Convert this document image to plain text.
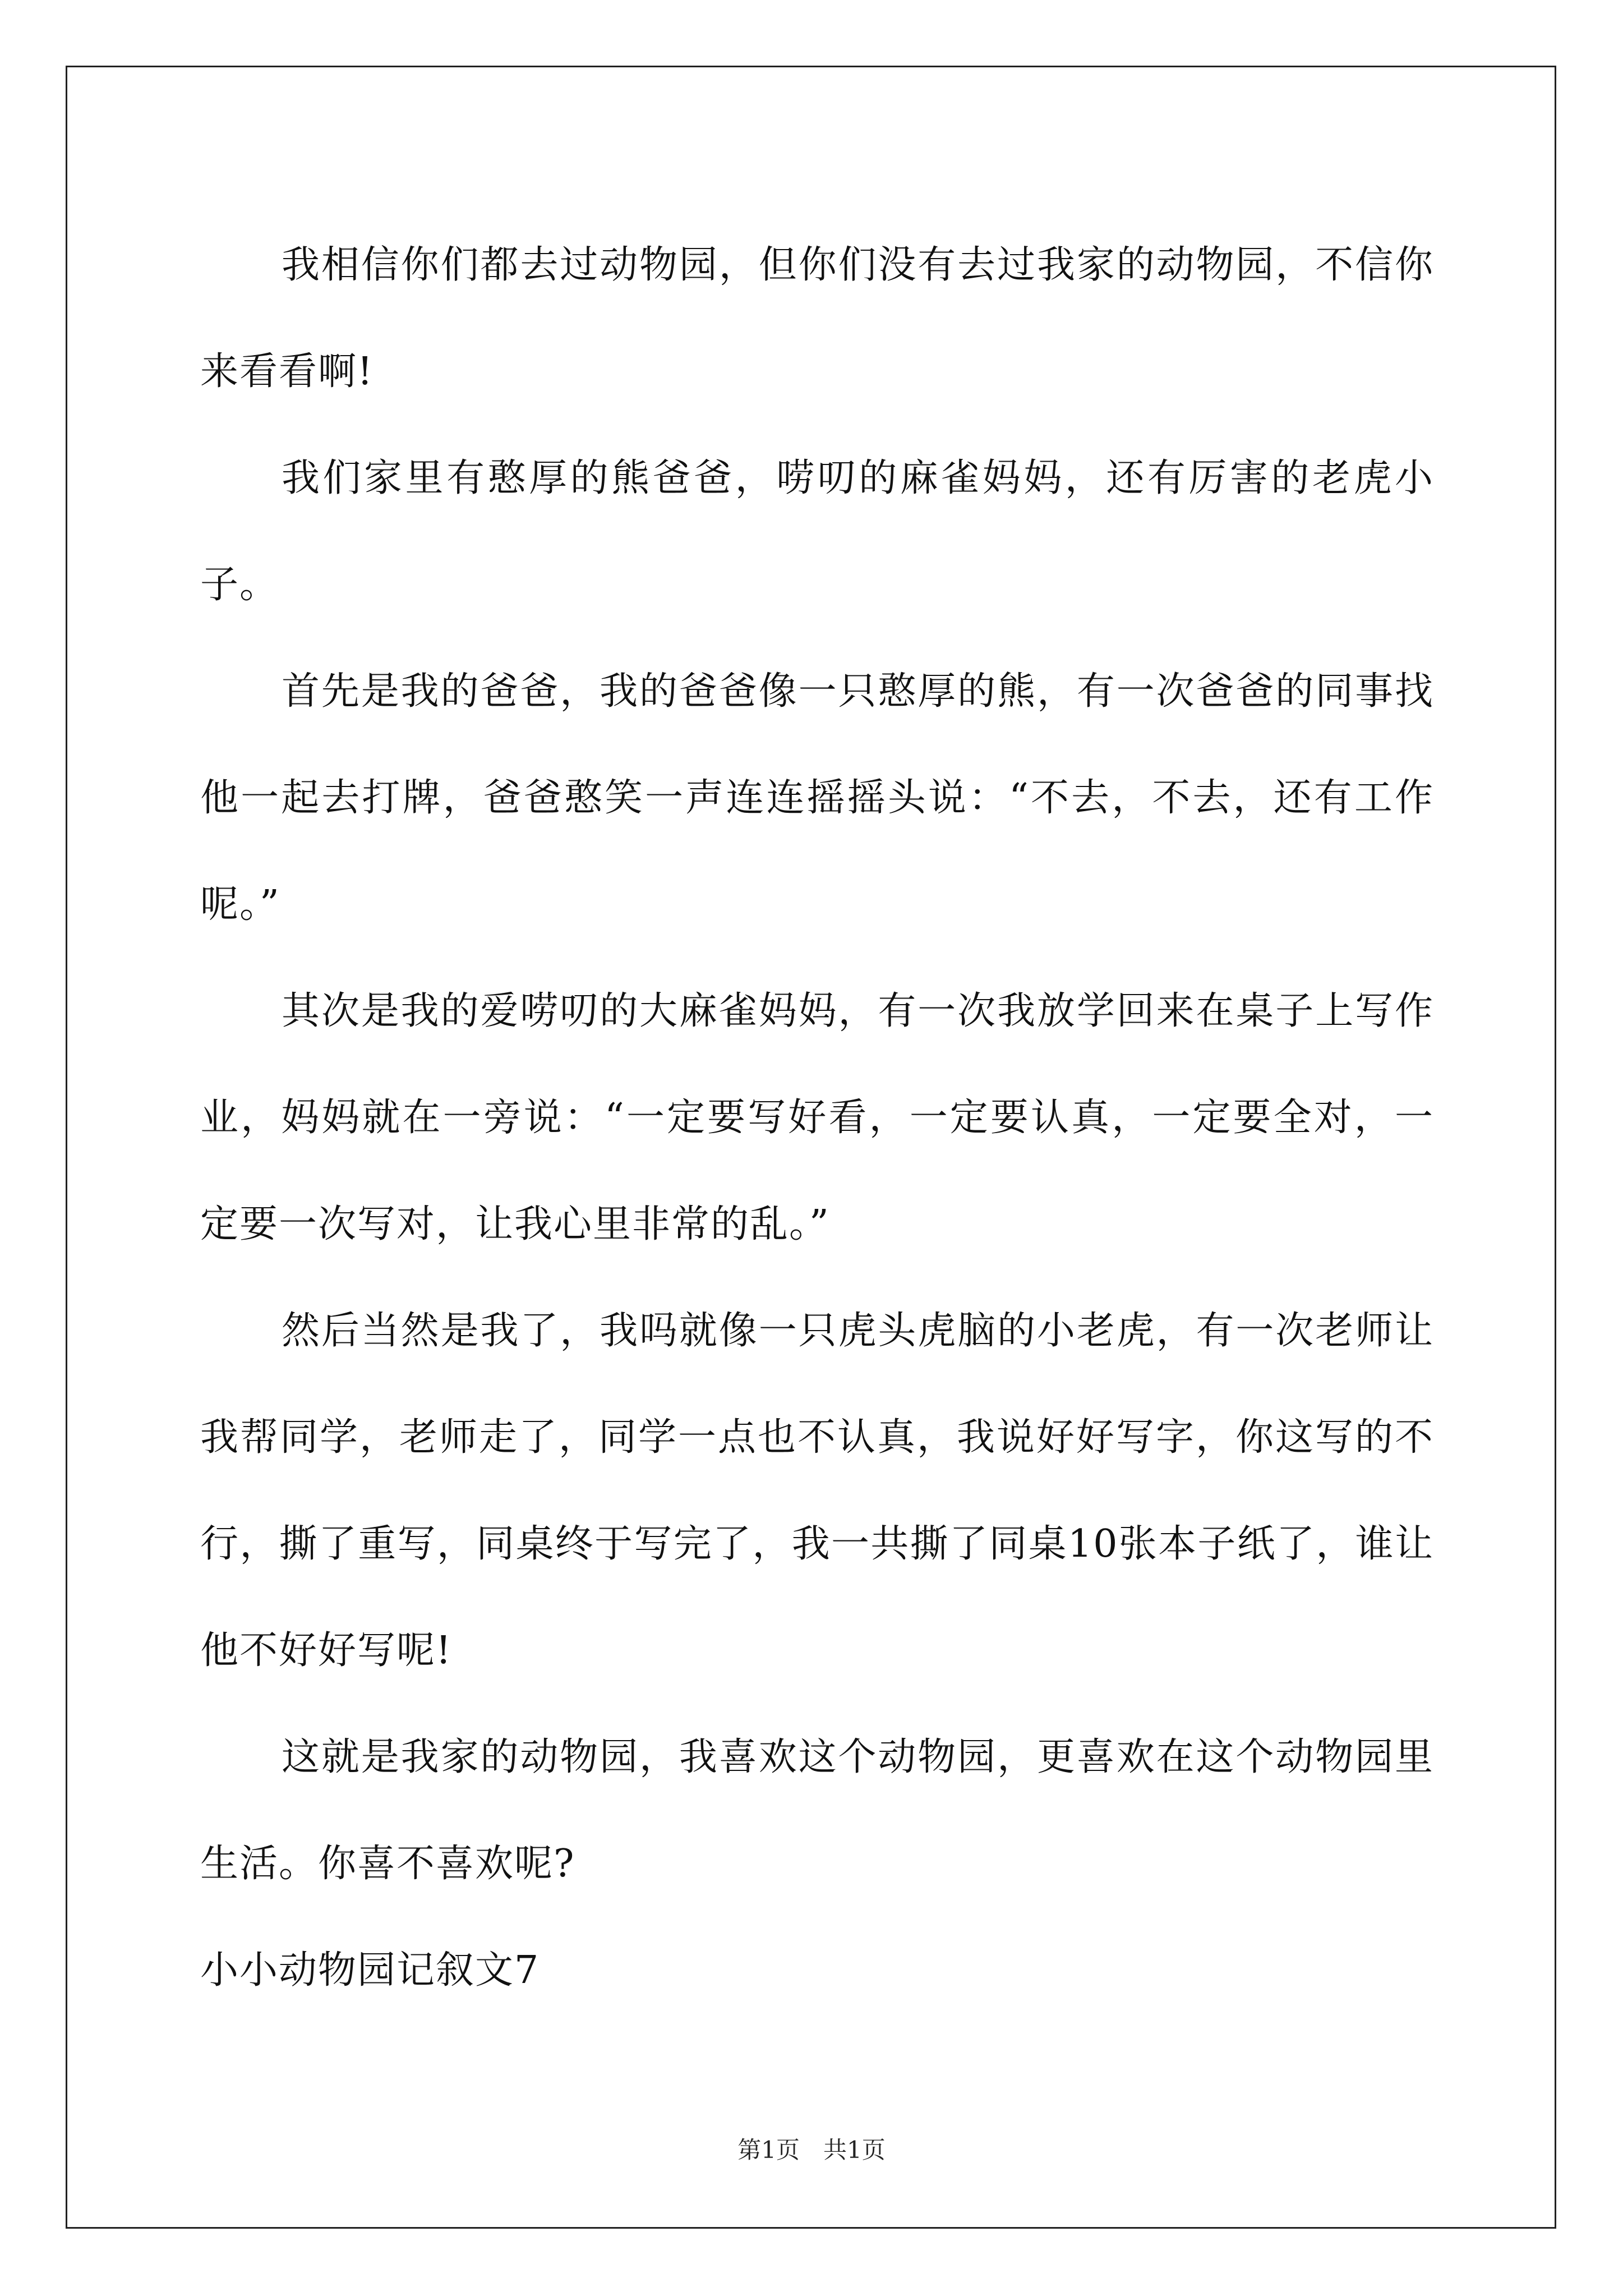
我相信你们都去过动物园，但你们没有去过我家的动物园，不信你来看看啊!

我们家里有憨厚的熊爸爸，唠叨的麻雀妈妈，还有厉害的老虎小子。

首先是我的爸爸，我的爸爸像一只憨厚的熊，有一次爸爸的同事找他一起去打牌，爸爸憨笑一声连连摇摇头说：“不去，不去，还有工作呢。”

其次是我的爱唠叨的大麻雀妈妈，有一次我放学回来在桌子上写作业，妈妈就在一旁说：“一定要写好看，一定要认真，一定要全对，一定要一次写对，让我心里非常的乱。”

然后当然是我了，我吗就像一只虎头虎脑的小老虎，有一次老师让我帮同学，老师走了，同学一点也不认真，我说好好写字，你这写的不行，撕了重写，同桌终于写完了，我一共撕了同桌10张本子纸了，谁让他不好好写呢!

这就是我家的动物园，我喜欢这个动物园，更喜欢在这个动物园里生活。你喜不喜欢呢?

小小动物园记叙文7

第1页　共1页
